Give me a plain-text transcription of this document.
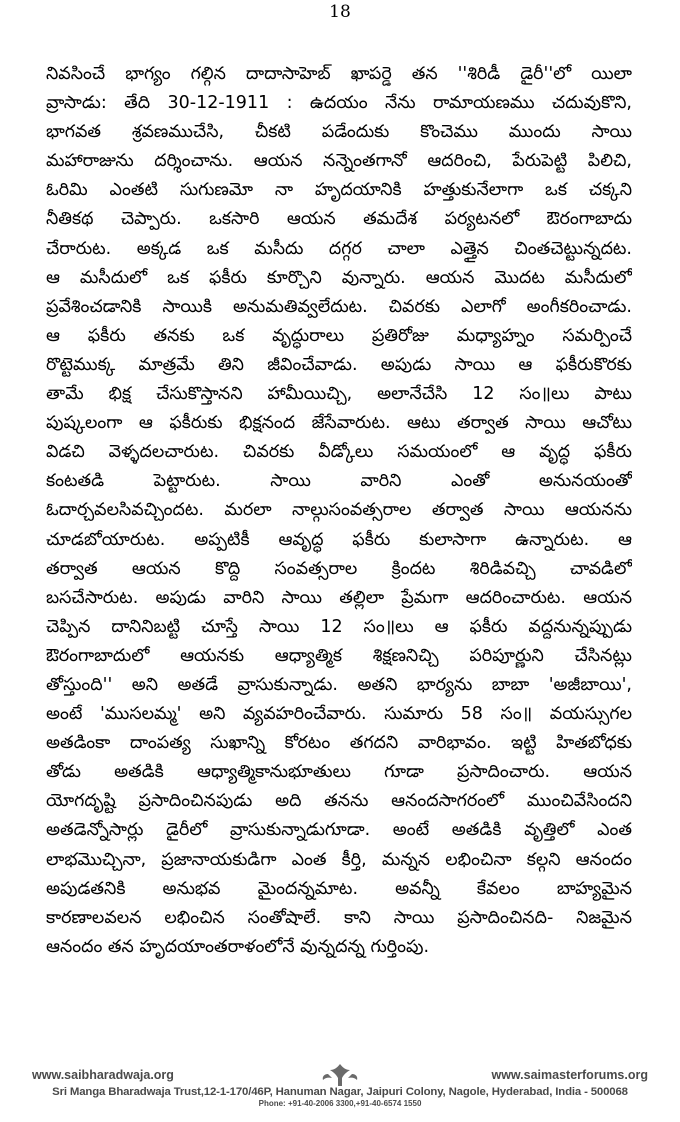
18
నివసించే భాగ్యం గల్గిన దాదాసాహెబ్ ఖాపర్డె తన ''శిరిడీ డైరీ''లో యిలా
వ్రాసాడు: తేది 30-12-1911 : ఉదయం నేను రామాయణము చదువుకొని,
భాగవత శ్రవణముచేసి, చీకటి పడేందుకు కొంచెము ముందు సాయి
మహారాజును దర్శించాను. ఆయన నన్నెంతగానో ఆదరించి, పేరుపెట్టి పిలిచి,
ఓరిమి ఎంతటి సుగుణమో నా హృదయానికి హత్తుకునేలాగా ఒక చక్కని
నీతికథ చెప్పారు. ఒకసారి ఆయన తమదేశ పర్యటనలో ఔరంగాబాదు
చేరారుట. అక్కడ ఒక మసీదు దగ్గర చాలా ఎత్తైన చింతచెట్టున్నదట.
ఆ మసీదులో ఒక ఫకీరు కూర్చొని వున్నారు. ఆయన మొదట మసీదులో
ప్రవేశించడానికి సాయికి అనుమతివ్వలేదుట. చివరకు ఎలాగో అంగీకరించాడు.
ఆ ఫకీరు తనకు ఒక వృద్ధురాలు ప్రతిరోజు మధ్యాహ్నం సమర్పించే
రొట్టెముక్క మాత్రమే తిని జీవించేవాడు. అపుడు సాయి ఆ ఫకీరుకొరకు
తామే భిక్ష చేసుకొస్తానని హామీయిచ్చి, అలానేచేసి 12 సం॥లు పాటు
పుష్కలంగా ఆ ఫకీరుకు భిక్షనంద జేసేవారుట. ఆటు తర్వాత సాయి ఆచోటు
విడచి వెళ్ళదలచారుట. చివరకు వీడ్కోలు సమయంలో ఆ వృద్ధ ఫకీరు
కంటతడి పెట్టారుట. సాయి వారిని ఎంతో అనునయంతో
ఓదార్చవలసివచ్చిందట. మరలా నాల్గుసంవత్సరాల తర్వాత సాయి ఆయనను
చూడబోయారుట. అప్పటికీ ఆవృద్ధ ఫకీరు కులాసాగా ఉన్నారుట. ఆ
తర్వాత ఆయన కొద్ది సంవత్సరాల క్రిందట శిరిడివచ్చి చావడిలో
బసచేసారుట. అపుడు వారిని సాయి తల్లిలా ప్రేమగా ఆదరించారుట. ఆయన
చెప్పిన దానినిబట్టి చూస్తే సాయి 12 సం॥లు ఆ ఫకీరు వద్దనున్నప్పుడు
ఔరంగాబాదులో ఆయనకు ఆధ్యాత్మిక శిక్షణనిచ్చి పరిపూర్ణుని చేసినట్లు
తోస్తుంది'' అని అతడే వ్రాసుకున్నాడు. అతని భార్యను బాబా 'అజీబాయి',
అంటే 'ముసలమ్మ' అని వ్యవహరించేవారు. సుమారు 58 సం॥ వయస్సుగల
అతడింకా దాంపత్య సుఖాన్ని కోరటం తగదని వారిభావం. ఇట్టి హితబోధకు
తోడు అతడికి ఆధ్యాత్మికానుభూతులు గూడా ప్రసాదించారు. ఆయన
యోగదృష్టి ప్రసాదించినపుడు అది తనను ఆనందసాగరంలో ముంచివేసిందని
అతడెన్నోసార్లు డైరీలో వ్రాసుకున్నాడుగూడా. అంటే అతడికి వృత్తిలో ఎంత
లాభమొచ్చినా, ప్రజానాయకుడిగా ఎంత కీర్తి, మన్నన లభించినా కల్గని ఆనందం
అపుడతనికి అనుభవ మైందన్నమాట. అవన్నీ కేవలం బాహ్యమైన
కారణాలవలన లభించిన సంతోషాలే. కాని సాయి ప్రసాదించినది- నిజమైన
ఆనందం తన హృదయాంతరాళంలోనే వున్నదన్న గుర్తింపు.
www.saibharadwaja.org	www.saimasterforums.org
Sri Manga Bharadwaja Trust,12-1-170/46P, Hanuman Nagar, Jaipuri Colony, Nagole, Hyderabad, India - 500068
Phone: +91-40-2006 3300,+91-40-6574 1550
